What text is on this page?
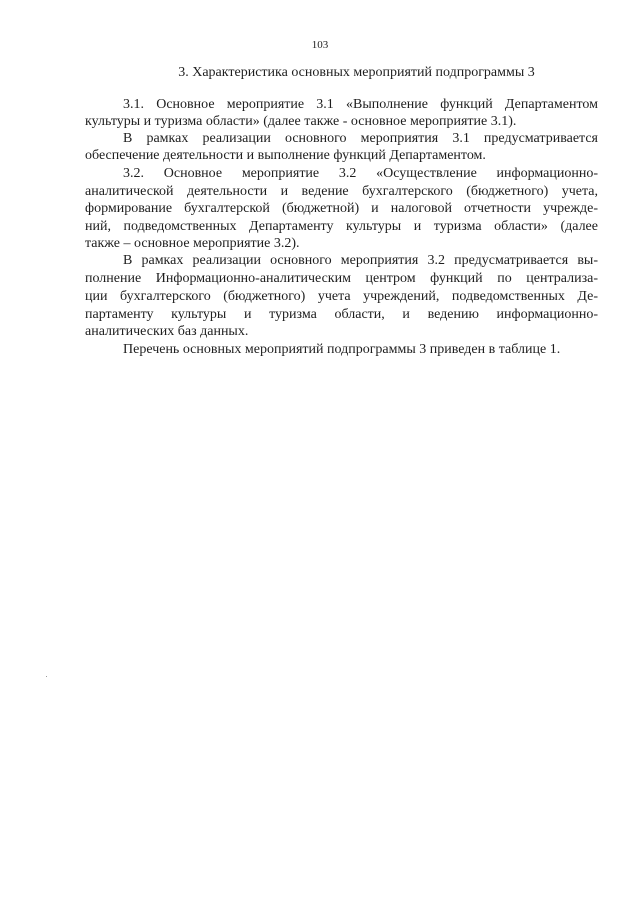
103
3. Характеристика основных мероприятий подпрограммы 3
3.1. Основное мероприятие 3.1 «Выполнение функций Департаментом
культуры и туризма области» (далее также - основное мероприятие 3.1).
В рамках реализации основного мероприятия 3.1 предусматривается
обеспечение деятельности и выполнение функций Департаментом.
3.2. Основное мероприятие 3.2 «Осуществление информационно-
аналитической деятельности и ведение бухгалтерского (бюджетного) учета,
формирование бухгалтерской (бюджетной) и налоговой отчетности учрежде-
ний, подведомственных Департаменту культуры и туризма области» (далее
также – основное мероприятие 3.2).
В рамках реализации основного мероприятия 3.2 предусматривается вы-
полнение Информационно-аналитическим центром функций по централиза-
ции бухгалтерского (бюджетного) учета учреждений, подведомственных Де-
партаменту культуры и туризма области, и ведению информационно-
аналитических баз данных.
Перечень основных мероприятий подпрограммы 3 приведен в таблице 1.
